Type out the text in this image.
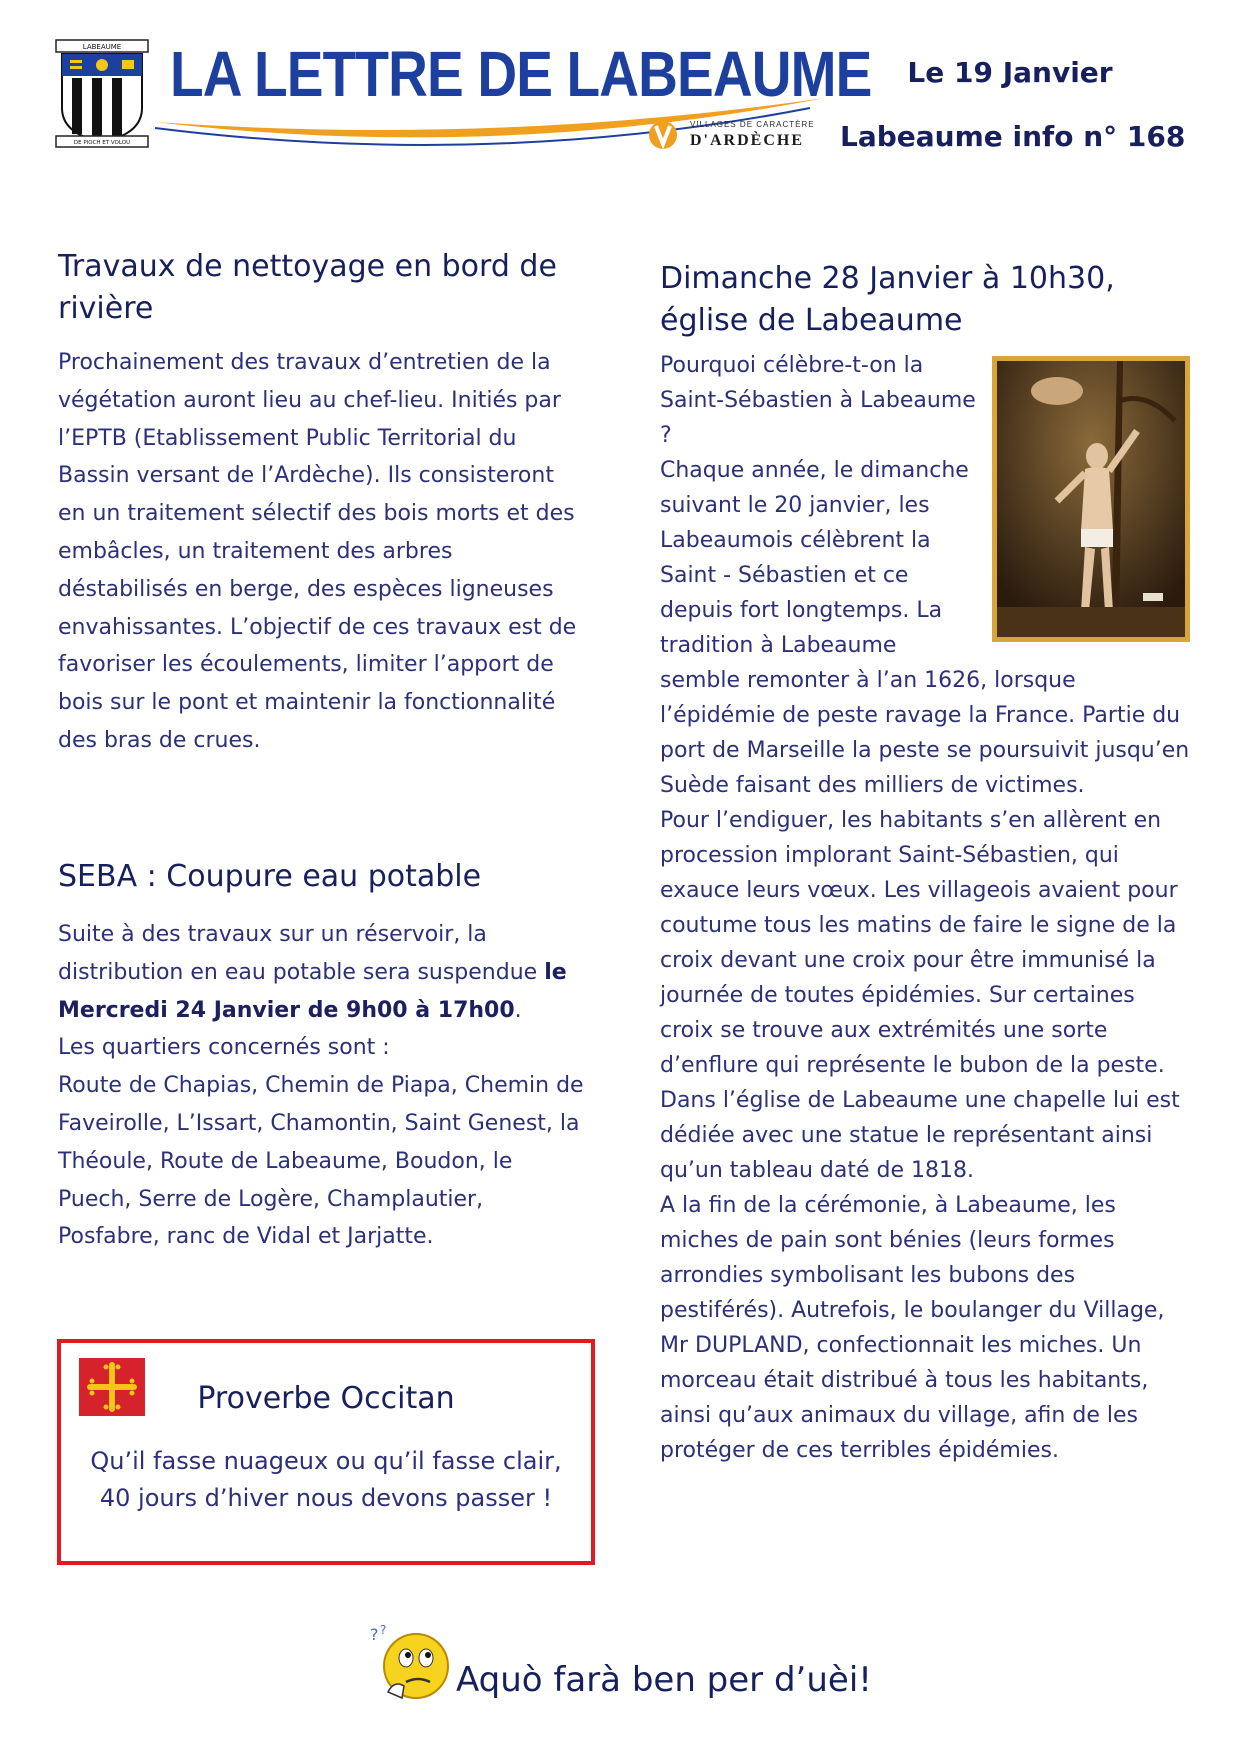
LABEAUME
DE PIOCH ET VOLOU
LA LETTRE DE LABEAUME
VILLAGES DE CARACTÈRE
D'ARDÈCHE
Le 19 Janvier
Labeaume info n° 168
Travaux de nettoyage en bord de rivière

Prochainement des travaux d’entretien de la végétation auront lieu au chef-lieu. Initiés par l’EPTB (Etablissement Public Territorial du Bassin versant de l’Ardèche). Ils consisteront en un traitement sélectif des bois morts et des embâcles, un traitement des arbres déstabilisés en berge, des espèces ligneuses envahissantes. L’objectif de ces travaux est de favoriser les écoulements, limiter l’apport de bois sur le pont et maintenir la fonctionnalité des bras de crues.

SEBA : Coupure eau potable
Suite à des travaux sur un réservoir, la distribution en eau potable sera suspendue le Mercredi 24 Janvier de 9h00 à 17h00.
Les quartiers concernés sont :
Route de Chapias, Chemin de Piapa, Chemin de Faveirolle, L’Issart, Chamontin, Saint Genest, la Théoule, Route de Labeaume, Boudon, le Puech, Serre de Logère, Champlautier, Posfabre, ranc de Vidal et Jarjatte.
Proverbe Occitan
Qu’il fasse nuageux ou qu’il fasse clair,
40 jours d’hiver nous devons passer !
Dimanche 28 Janvier à 10h30, église de Labeaume
Pourquoi célèbre-t-on la Saint-Sébastien à Labeaume ?
Chaque année, le dimanche suivant le 20 janvier, les Labeaumois célèbrent la Saint - Sébastien et ce depuis fort longtemps. La tradition à Labeaume semble remonter à l’an 1626, lorsque l’épidémie de peste ravage la France. Partie du port de Marseille la peste se poursuivit jusqu’en Suède faisant des milliers de victimes.
Pour l’endiguer, les habitants s’en allèrent en procession implorant Saint-Sébastien, qui exauce leurs vœux. Les villageois avaient pour coutume tous les matins de faire le signe de la croix devant une croix pour être immunisé la journée de toutes épidémies. Sur certaines croix se trouve aux extrémités une sorte d’enflure qui représente le bubon de la peste. Dans l’église de Labeaume une chapelle lui est dédiée avec une statue le représentant ainsi qu’un tableau daté de 1818.
A la fin de la cérémonie, à Labeaume, les miches de pain sont bénies (leurs formes arrondies symbolisant les bubons des pestiférés). Autrefois, le boulanger du Village, Mr DUPLAND, confectionnait les miches. Un morceau était distribué à tous les habitants, ainsi qu’aux animaux du village, afin de les protéger de ces terribles épidémies.
? ?
Aquò farà ben per d’uèi!
